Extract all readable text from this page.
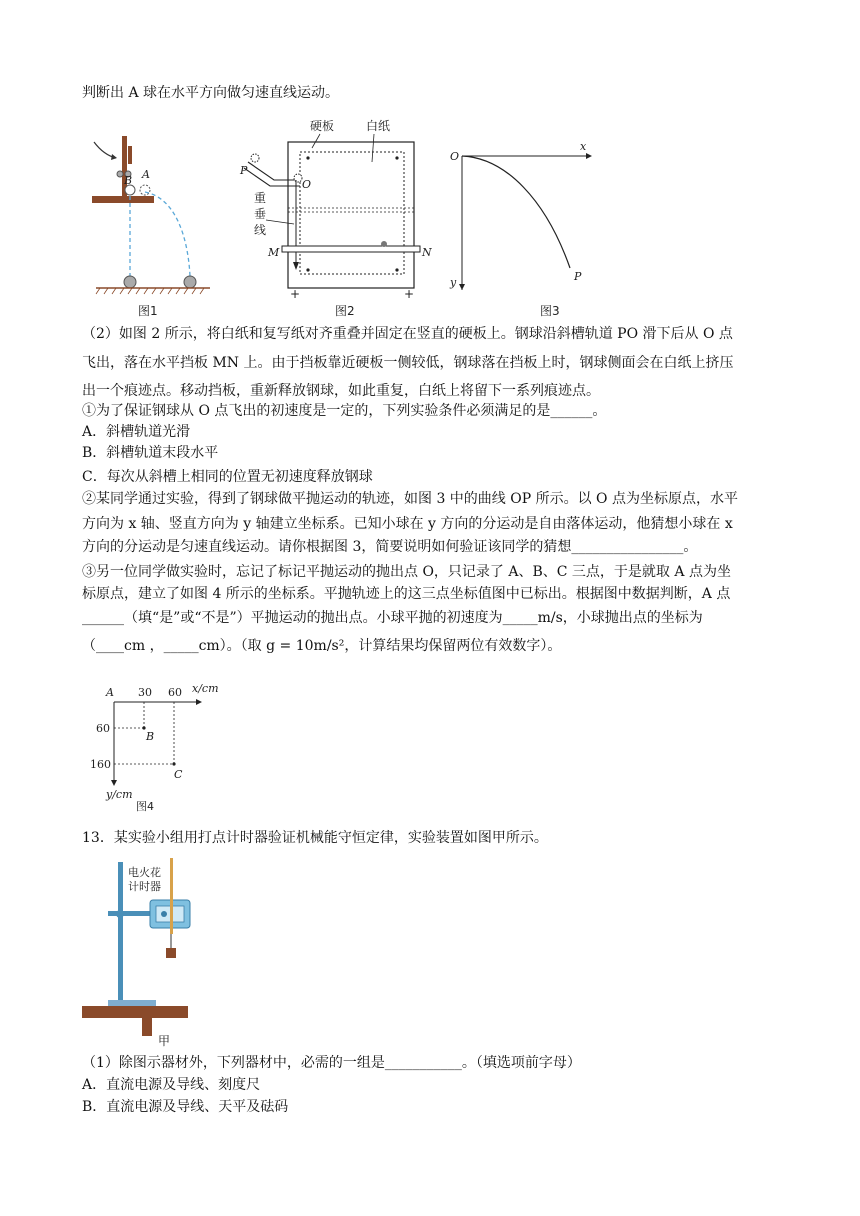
判断出 A 球在水平方向做匀速直线运动。
B A
图1
硬板	白纸
P
O
重
垂
线
M	N
+	+
图2
O
x
y	P
图3
（2）如图 2 所示，将白纸和复写纸对齐重叠并固定在竖直的硬板上。钢球沿斜槽轨道 PO 滑下后从 O 点
飞出，落在水平挡板 MN 上。由于挡板靠近硬板一侧较低，钢球落在挡板上时，钢球侧面会在白纸上挤压
出一个痕迹点。移动挡板，重新释放钢球，如此重复，白纸上将留下一系列痕迹点。
①为了保证钢球从 O 点飞出的初速度是一定的，下列实验条件必须满足的是______。
A．斜槽轨道光滑
B．斜槽轨道末段水平
C．每次从斜槽上相同的位置无初速度释放钢球
②某同学通过实验，得到了钢球做平抛运动的轨迹，如图 3 中的曲线 OP 所示。以 O 点为坐标原点，水平
方向为 x 轴、竖直方向为 y 轴建立坐标系。已知小球在 y 方向的分运动是自由落体运动，他猜想小球在 x
方向的分运动是匀速直线运动。请你根据图 3，简要说明如何验证该同学的猜想________________。
③另一位同学做实验时，忘记了标记平抛运动的抛出点 O，只记录了 A、B、C 三点，于是就取 A 点为坐
标原点，建立了如图 4 所示的坐标系。平抛轨迹上的这三点坐标值图中已标出。根据图中数据判断，A 点
______（填“是”或“不是”）平抛运动的抛出点。小球平抛的初速度为_____m/s，小球抛出点的坐标为
（____cm ，_____cm）。（取 g = 10m/s²，计算结果均保留两位有效数字）。
A 30 60 x/cm
60
160
B
C
y/cm
图4
13．某实验小组用打点计时器验证机械能守恒定律，实验装置如图甲所示。
电火花
计时器
甲
（1）除图示器材外，下列器材中，必需的一组是___________。（填选项前字母）
A．直流电源及导线、刻度尺
B．直流电源及导线、天平及砝码
